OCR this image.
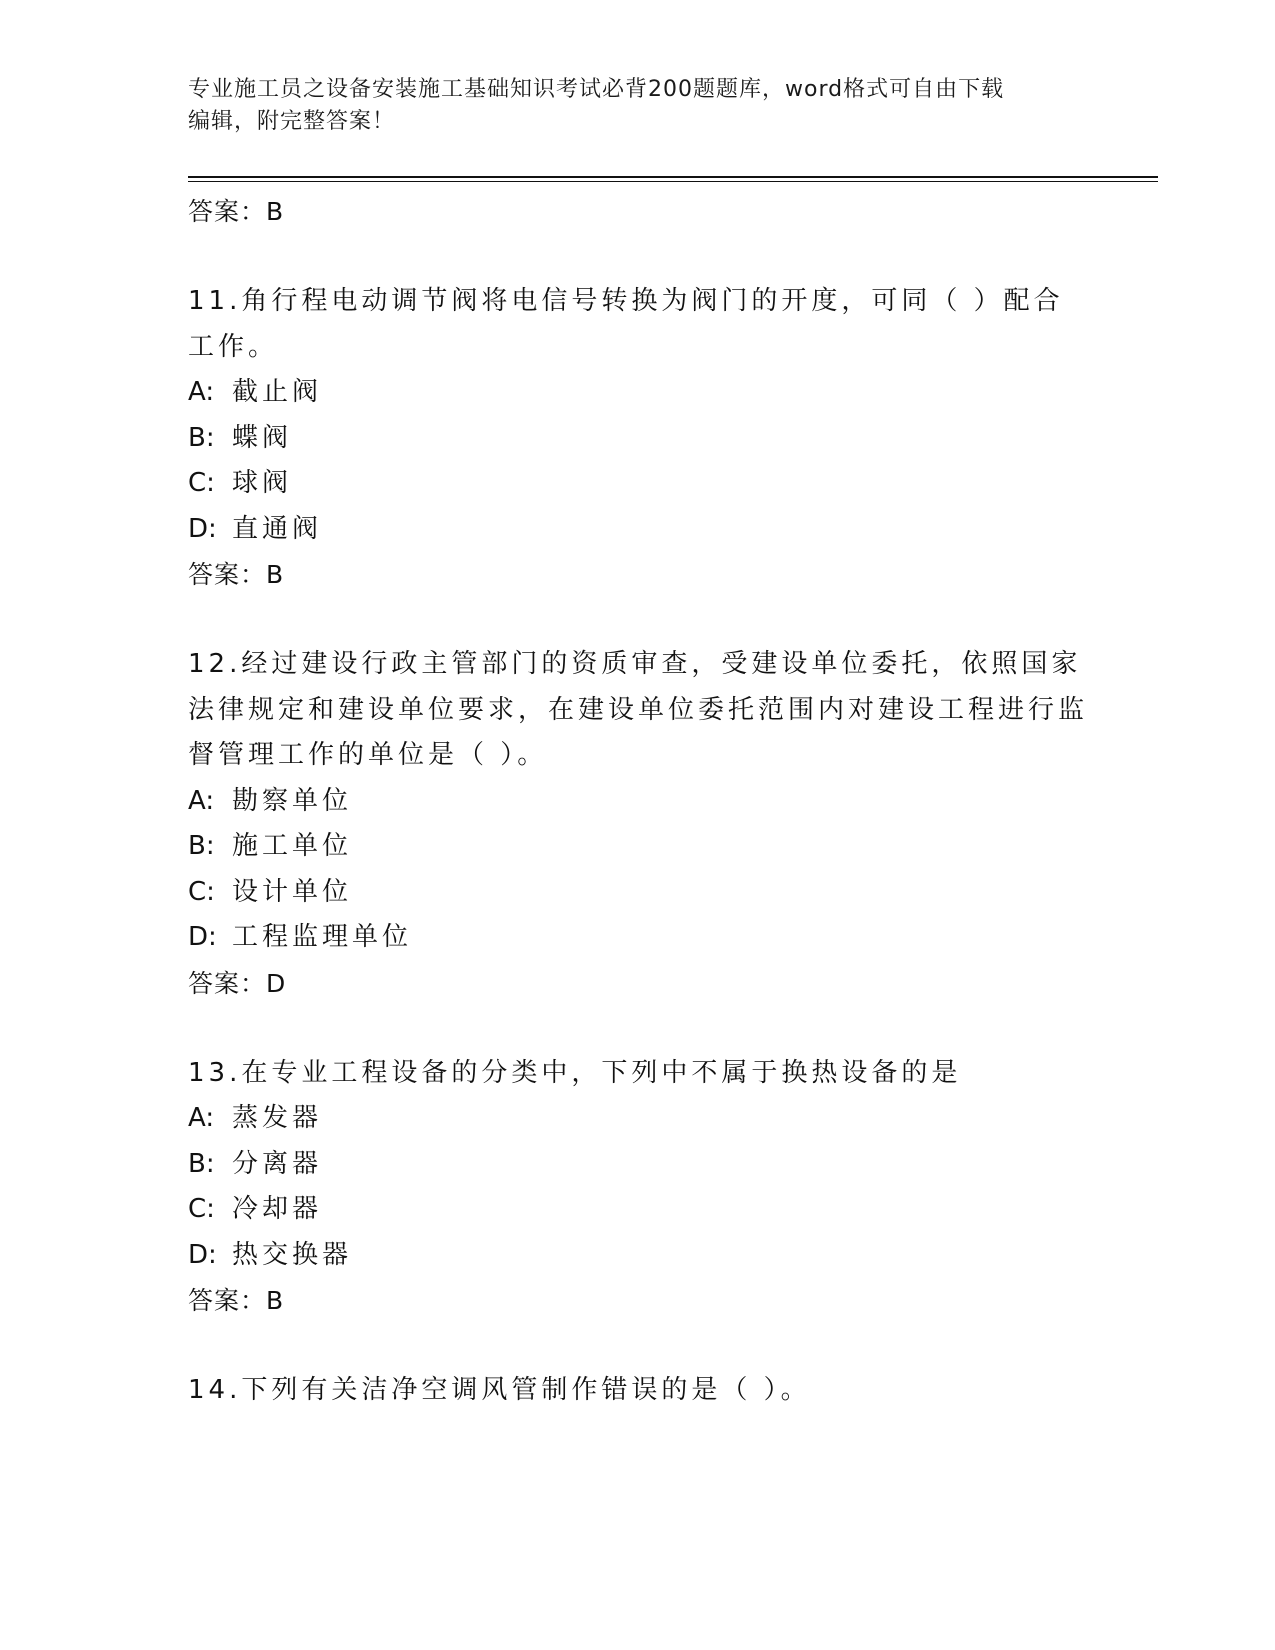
专业施工员之设备安装施工基础知识考试必背200题题库，word格式可自由下载
编辑，附完整答案！
答案：B

11.角行程电动调节阀将电信号转换为阀门的开度，可同（ ）配合工作。

A: 截止阀
B: 蝶阀
C: 球阀
D: 直通阀
答案：B

12.经过建设行政主管部门的资质审查，受建设单位委托，依照国家法律规定和建设单位要求，在建设单位委托范围内对建设工程进行监督管理工作的单位是（ ）。

A: 勘察单位
B: 施工单位
C: 设计单位
D: 工程监理单位
答案：D

13.在专业工程设备的分类中，下列中不属于换热设备的是

A: 蒸发器
B: 分离器
C: 冷却器
D: 热交换器
答案：B

14.下列有关洁净空调风管制作错误的是（ ）。
